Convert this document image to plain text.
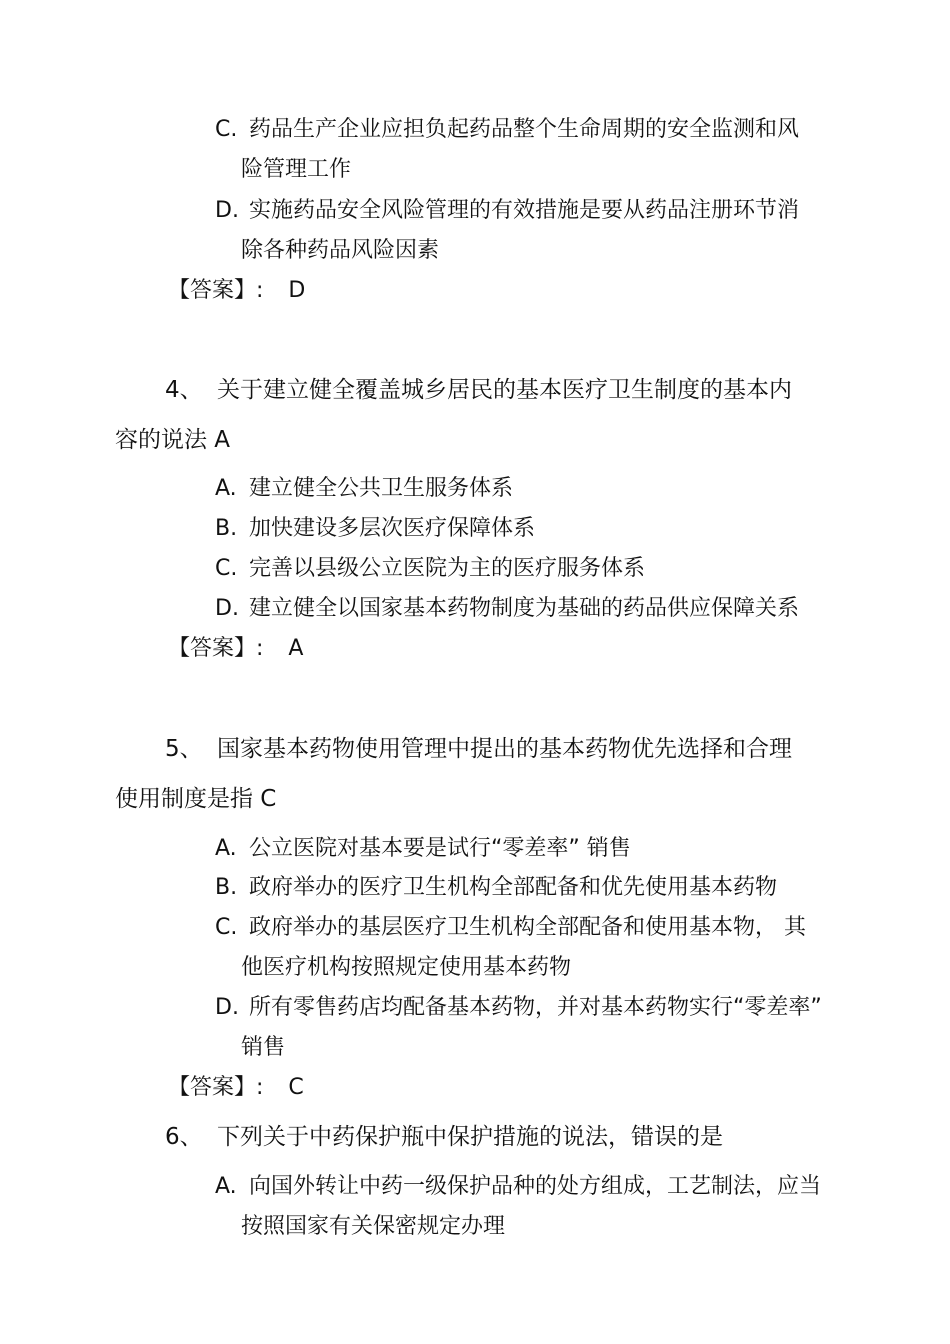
C. 药品生产企业应担负起药品整个生命周期的安全监测和风
险管理工作
D. 实施药品安全风险管理的有效措施是要从药品注册环节消
除各种药品风险因素
【答案】: D
4、 关于建立健全覆盖城乡居民的基本医疗卫生制度的基本内
容的说法 A
A. 建立健全公共卫生服务体系
B. 加快建设多层次医疗保障体系
C. 完善以县级公立医院为主的医疗服务体系
D. 建立健全以国家基本药物制度为基础的药品供应保障关系
【答案】: A
5、 国家基本药物使用管理中提出的基本药物优先选择和合理
使用制度是指 C
A. 公立医院对基本要是试行“零差率” 销售
B. 政府举办的医疗卫生机构全部配备和优先使用基本药物
C. 政府举办的基层医疗卫生机构全部配备和使用基本物， 其
他医疗机构按照规定使用基本药物
D. 所有零售药店均配备基本药物，并对基本药物实行“零差率”
销售
【答案】: C
6、 下列关于中药保护瓶中保护措施的说法，错误的是
A. 向国外转让中药一级保护品种的处方组成，工艺制法，应当
按照国家有关保密规定办理
